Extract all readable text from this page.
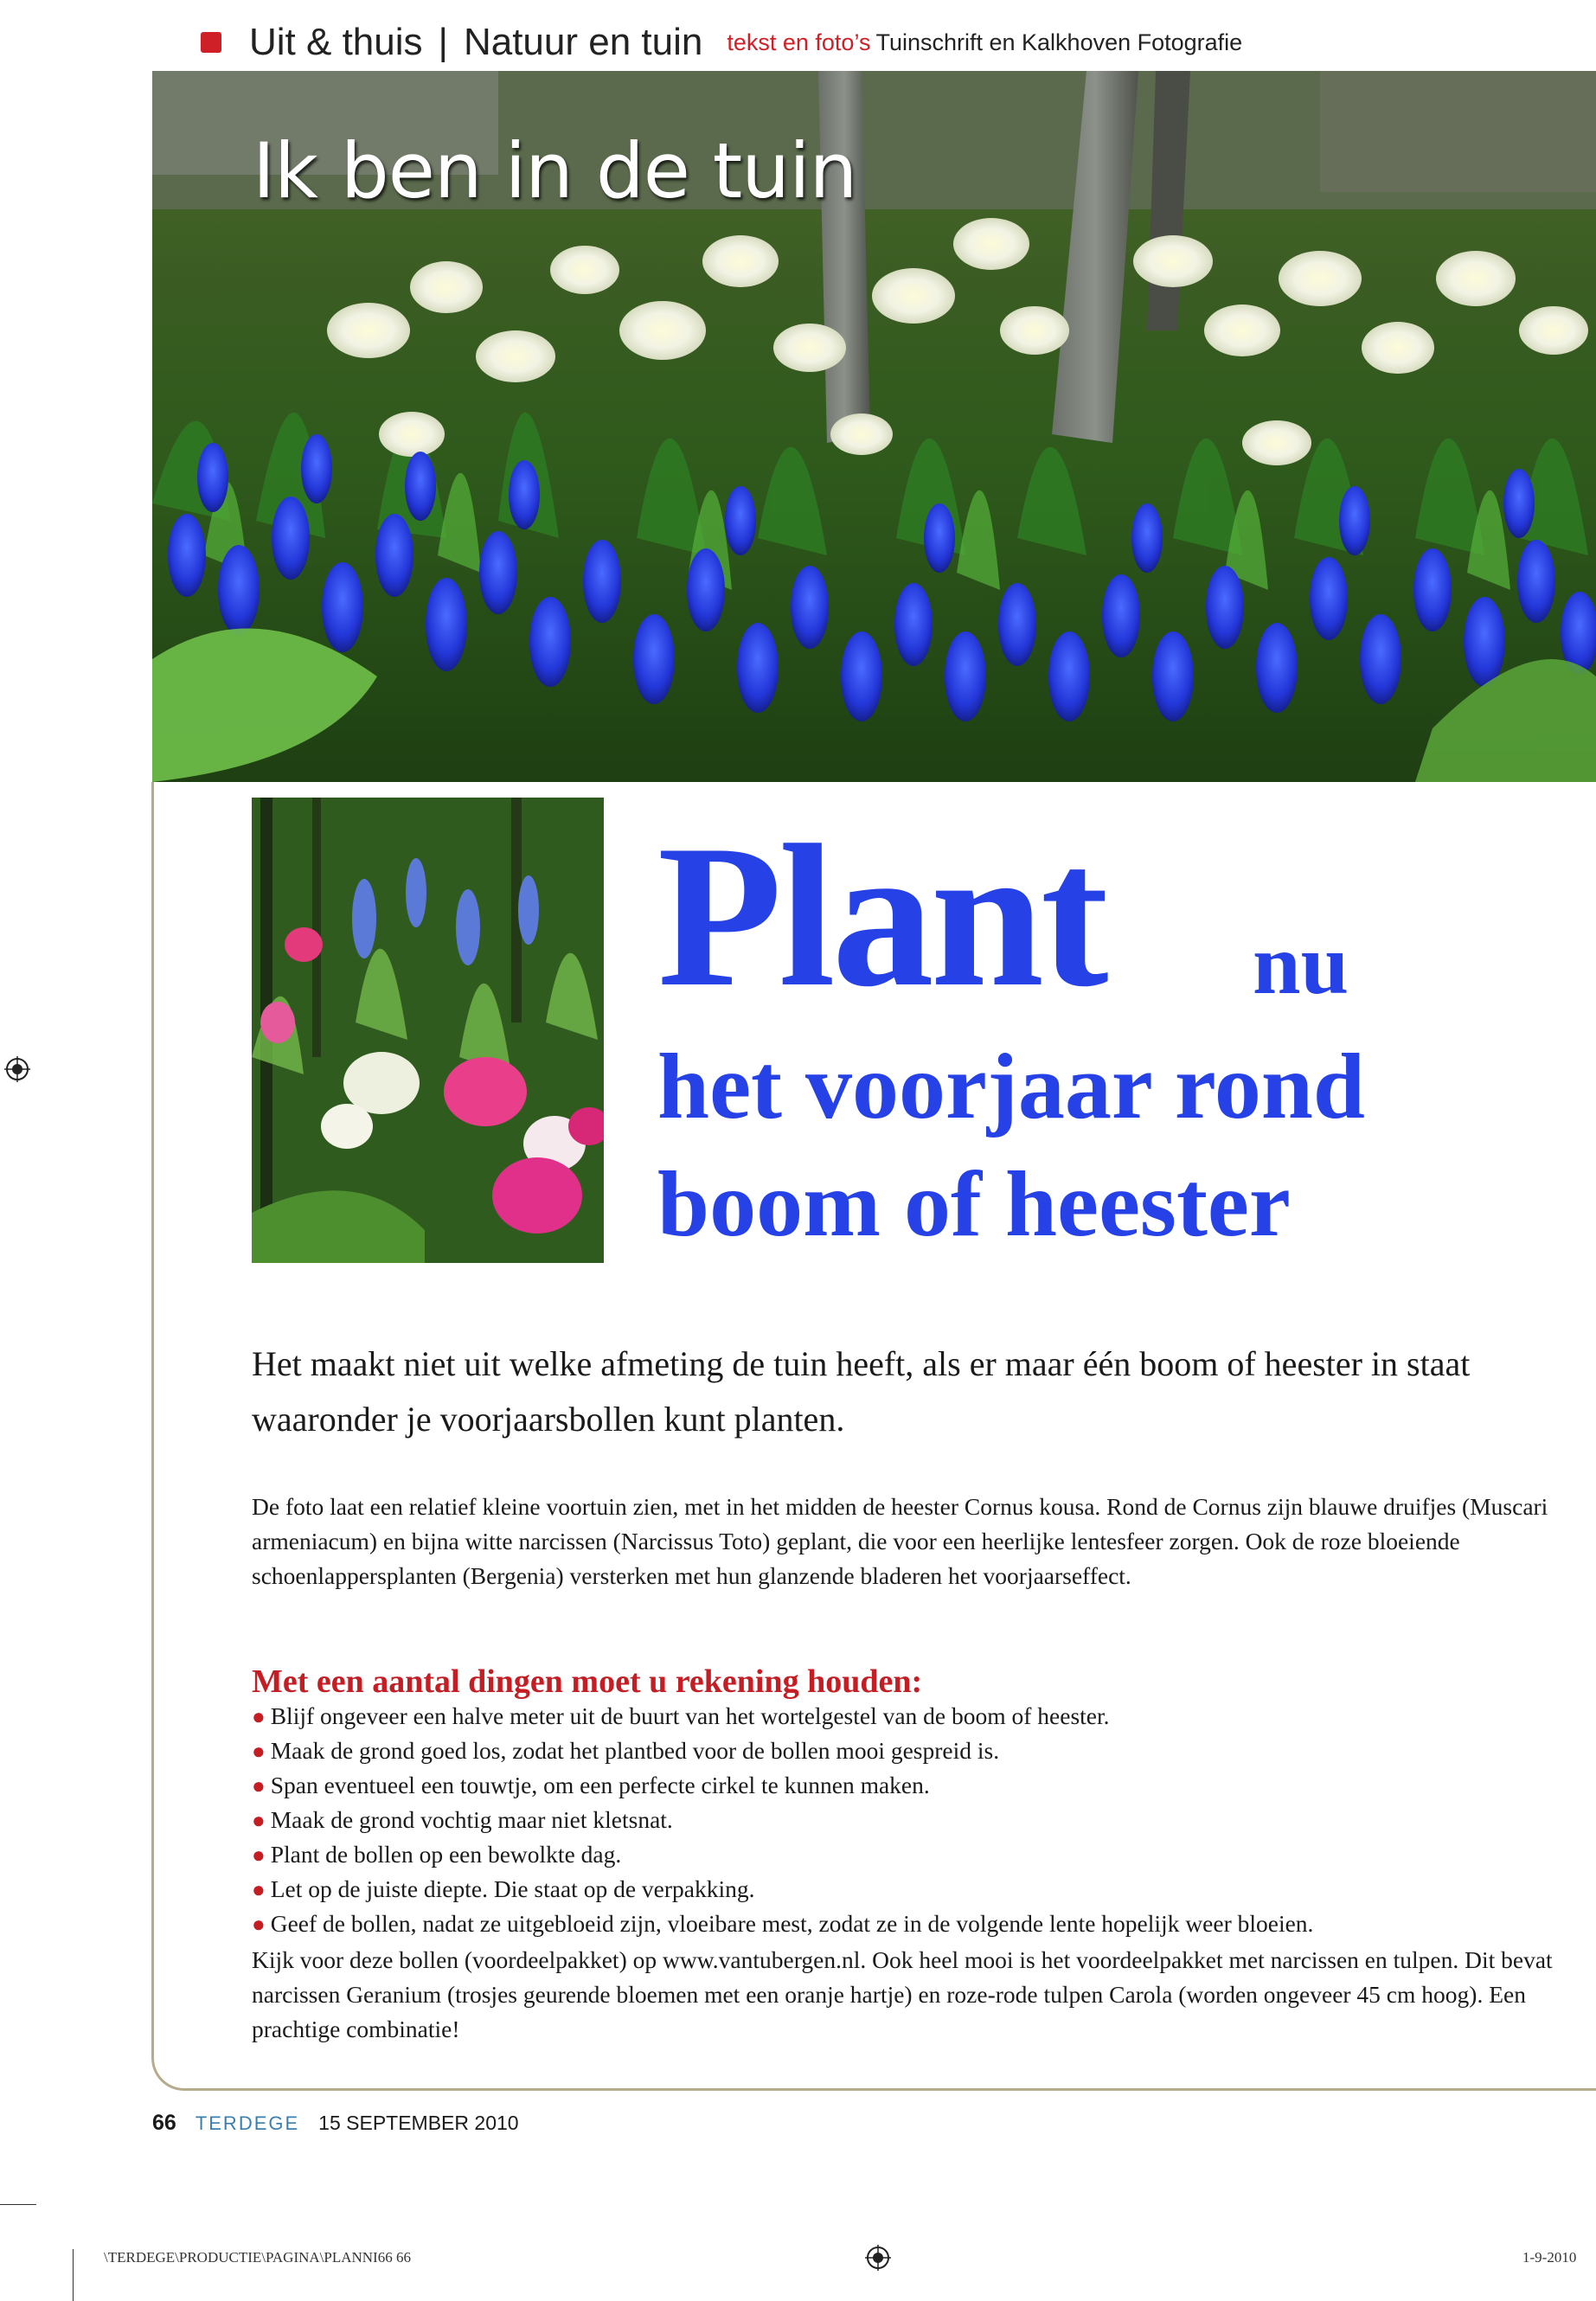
Uit & thuis | Natuur en tuin tekst en foto’s Tuinschrift en Kalkhoven Fotografie
Ik ben in de tuin
Plant nu
het voorjaar rond
boom of heester
Het maakt niet uit welke afmeting de tuin heeft, als er maar één boom of heester in staat waaronder je voorjaarsbollen kunt planten.
De foto laat een relatief kleine voortuin zien, met in het midden de heester Cornus kousa. Rond de Cornus zijn blauwe druifjes (Muscari armeniacum) en bijna witte narcissen (Narcissus Toto) geplant, die voor een heerlijke lentesfeer zorgen. Ook de roze bloeiende schoenlappersplanten (Bergenia) versterken met hun glanzende bladeren het voorjaarseffect.
Met een aantal dingen moet u rekening houden:
● Blijf ongeveer een halve meter uit de buurt van het wortelgestel van de boom of heester.
● Maak de grond goed los, zodat het plantbed voor de bollen mooi gespreid is.
● Span eventueel een touwtje, om een perfecte cirkel te kunnen maken.
● Maak de grond vochtig maar niet kletsnat.
● Plant de bollen op een bewolkte dag.
● Let op de juiste diepte. Die staat op de verpakking.
● Geef de bollen, nadat ze uitgebloeid zijn, vloeibare mest, zodat ze in de volgende lente hopelijk weer bloeien.
Kijk voor deze bollen (voordeelpakket) op www.vantubergen.nl. Ook heel mooi is het voordeelpakket met narcissen en tulpen. Dit bevat narcissen Geranium (trosjes geurende bloemen met een oranje hartje) en roze-rode tulpen Carola (worden ongeveer 45 cm hoog). Een prachtige combinatie!
66 TERDEGE 15 SEPTEMBER 2010
\TERDEGE\PRODUCTIE\PAGINA\PLANNI66 66	1-9-2010
